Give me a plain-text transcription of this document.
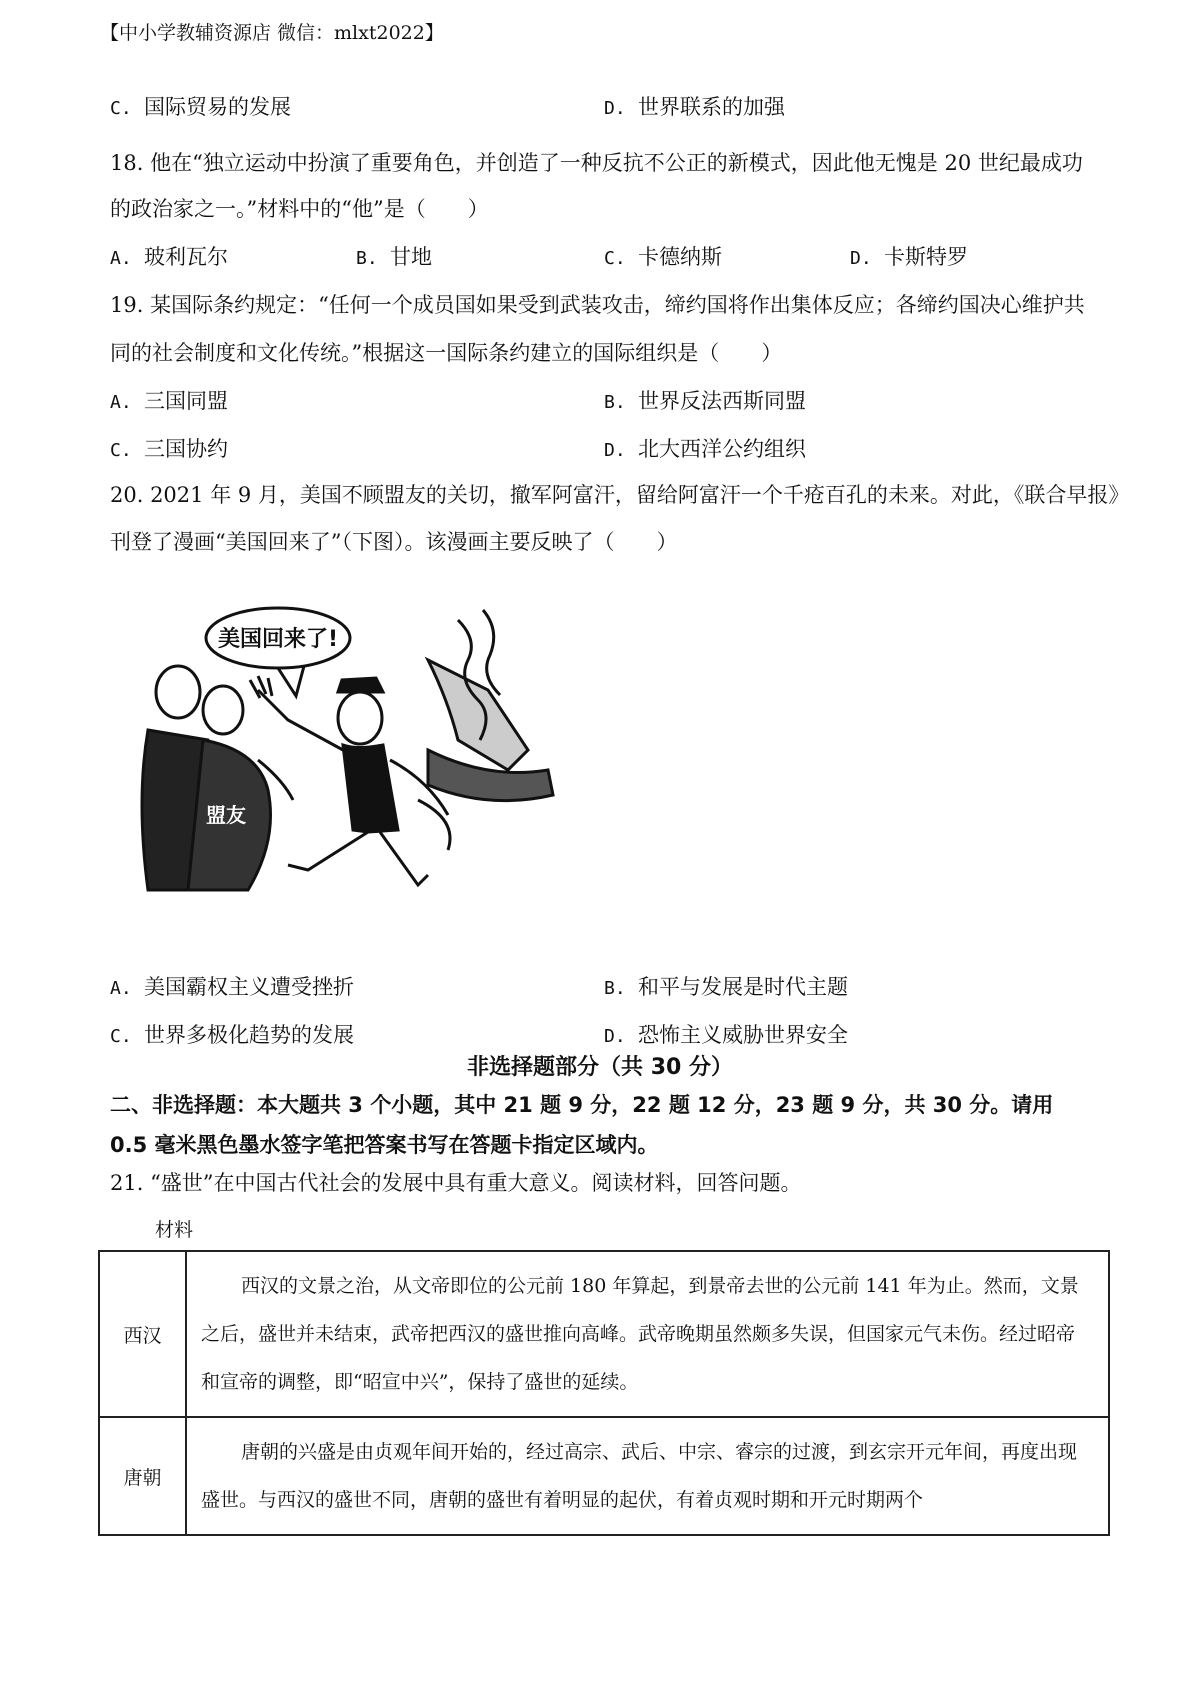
【中小学教辅资源店 微信：mlxt2022】
C. 国际贸易的发展	D. 世界联系的加强
18. 他在“独立运动中扮演了重要角色，并创造了一种反抗不公正的新模式，因此他无愧是 20 世纪最成功
的政治家之一。”材料中的“他”是（　　）
A. 玻利瓦尔	B. 甘地	C. 卡德纳斯	D. 卡斯特罗
19. 某国际条约规定：“任何一个成员国如果受到武装攻击，缔约国将作出集体反应；各缔约国决心维护共
同的社会制度和文化传统。”根据这一国际条约建立的国际组织是（　　）
A. 三国同盟	B. 世界反法西斯同盟
C. 三国协约	D. 北大西洋公约组织
20. 2021 年 9 月，美国不顾盟友的关切，撤军阿富汗，留给阿富汗一个千疮百孔的未来。对此，《联合早报》
刊登了漫画“美国回来了”（下图）。该漫画主要反映了（　　）
美国回来了!
盟友
A. 美国霸权主义遭受挫折	B. 和平与发展是时代主题
C. 世界多极化趋势的发展	D. 恐怖主义威胁世界安全
非选择题部分（共 30 分）
二、非选择题：本大题共 3 个小题，其中 21 题 9 分，22 题 12 分，23 题 9 分，共 30 分。请用
0.5 毫米黑色墨水签字笔把答案书写在答题卡指定区域内。
21. “盛世”在中国古代社会的发展中具有重大意义。阅读材料，回答问题。
材料
西汉	西汉的文景之治，从文帝即位的公元前 180 年算起，到景帝去世的公元前 141 年为止。然而，文景之后，盛世并未结束，武帝把西汉的盛世推向高峰。武帝晚期虽然颇多失误，但国家元气未伤。经过昭帝和宣帝的调整，即“昭宣中兴”，保持了盛世的延续。
唐朝	唐朝的兴盛是由贞观年间开始的，经过高宗、武后、中宗、睿宗的过渡，到玄宗开元年间，再度出现盛世。与西汉的盛世不同，唐朝的盛世有着明显的起伏，有着贞观时期和开元时期两个
